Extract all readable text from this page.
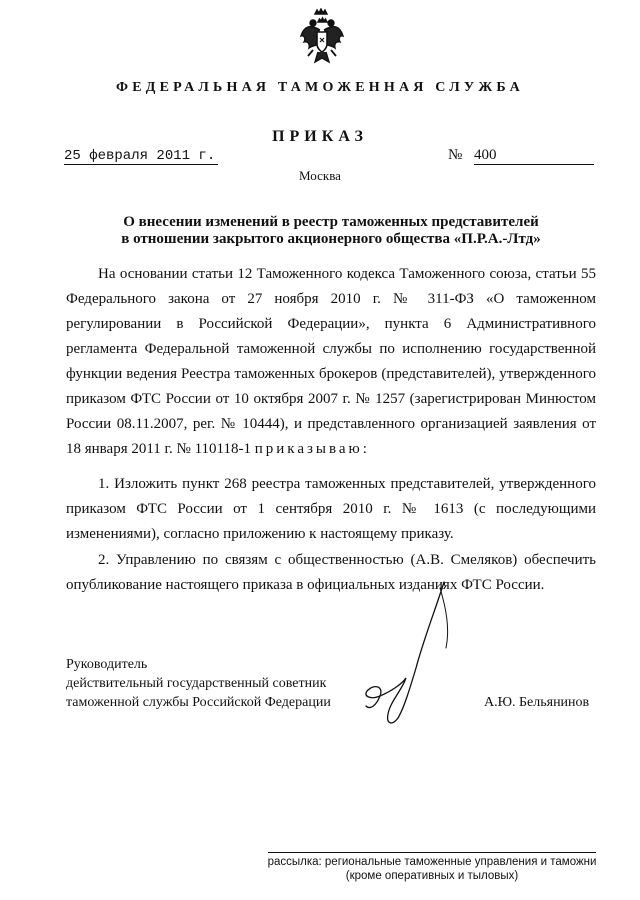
ФЕДЕРАЛЬНАЯ ТАМОЖЕННАЯ СЛУЖБА
ПРИКАЗ
25 февраля 2011 г.	№ 400
Москва
О внесении изменений в реестр таможенных представителей
в отношении закрытого акционерного общества «П.Р.А.-Лтд»
На основании статьи 12 Таможенного кодекса Таможенного союза, статьи 55 Федерального закона от 27 ноября 2010 г. № 311-ФЗ «О таможенном регулировании в Российской Федерации», пункта 6 Административного регламента Федеральной таможенной службы по исполнению государственной функции ведения Реестра таможенных брокеров (представителей), утвержденного приказом ФТС России от 10 октября 2007 г. № 1257 (зарегистрирован Минюстом России 08.11.2007, рег. № 10444), и представленного организацией заявления от 18 января 2011 г. № 110118-1 приказываю:
1. Изложить пункт 268 реестра таможенных представителей, утвержденного приказом ФТС России от 1 сентября 2010 г. № 1613 (с последующими изменениями), согласно приложению к настоящему приказу.
2. Управлению по связям с общественностью (А.В. Смеляков) обеспечить опубликование настоящего приказа в официальных изданиях ФТС России.
Руководитель
действительный государственный советник
таможенной службы Российской Федерации	А.Ю. Бельянинов
рассылка: региональные таможенные управления и таможни
(кроме оперативных и тыловых)
